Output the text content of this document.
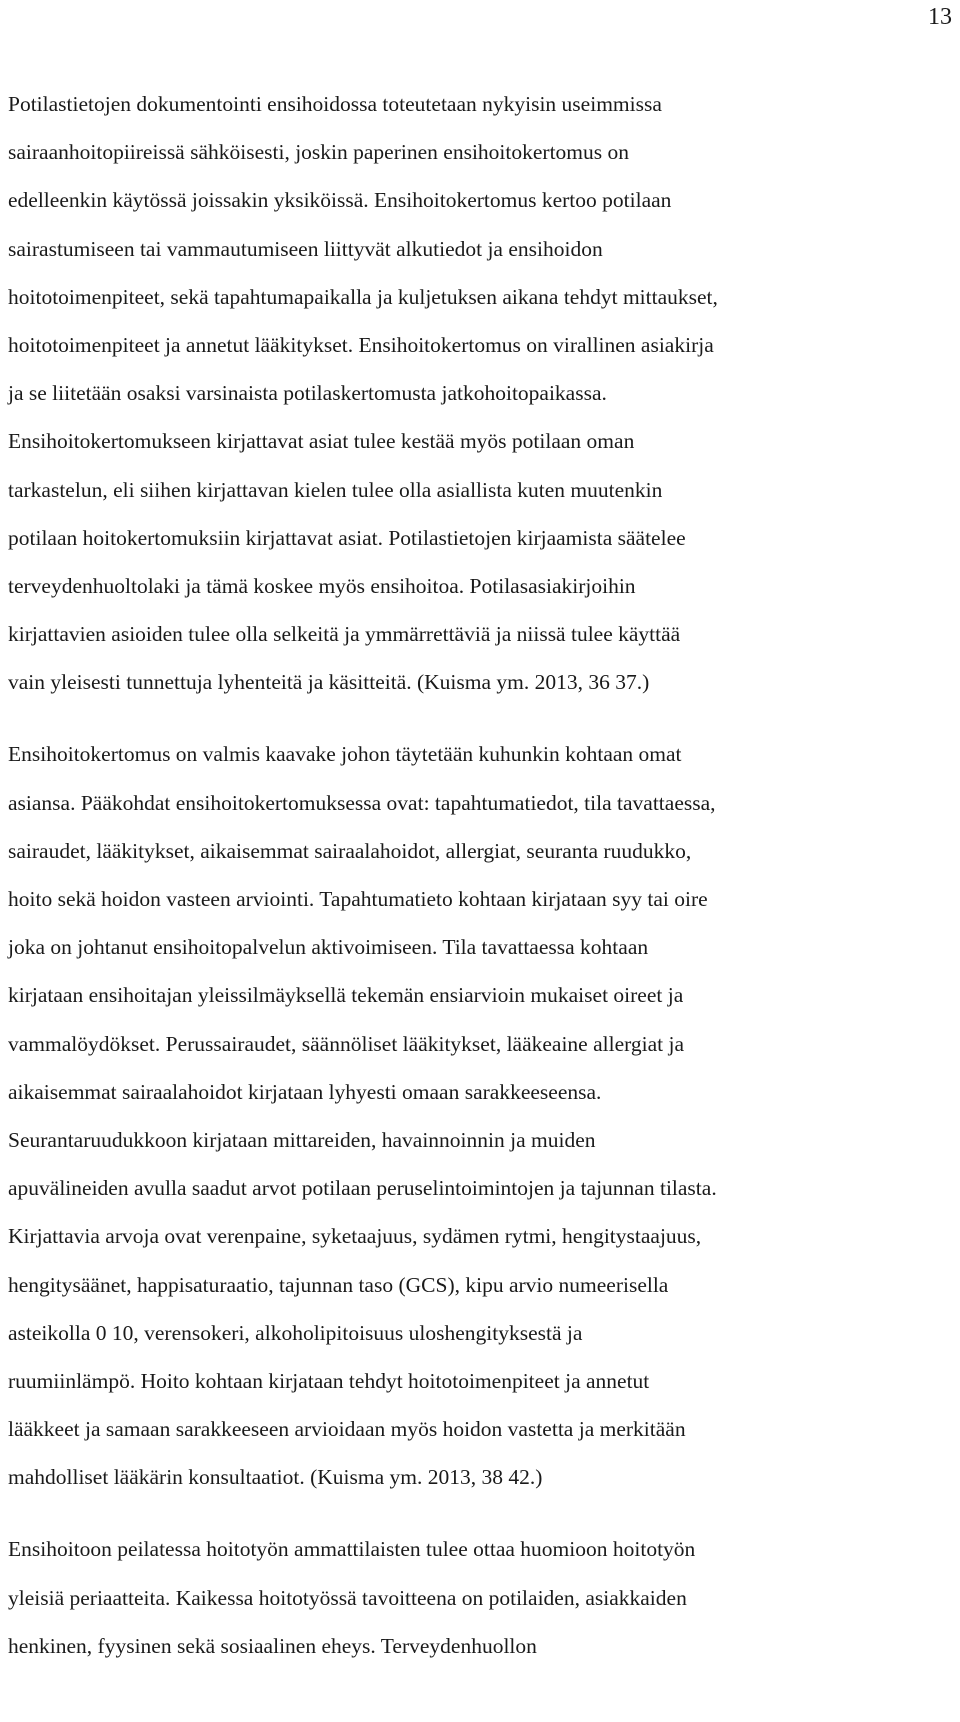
13
Potilastietojen dokumentointi ensihoidossa toteutetaan nykyisin useimmissa
sairaanhoitopiireissä sähköisesti, joskin paperinen ensihoitokertomus on
edelleenkin käytössä joissakin yksiköissä. Ensihoitokertomus kertoo potilaan
sairastumiseen tai vammautumiseen liittyvät alkutiedot ja ensihoidon
hoitotoimenpiteet, sekä tapahtumapaikalla ja kuljetuksen aikana tehdyt mittaukset,
hoitotoimenpiteet ja annetut lääkitykset. Ensihoitokertomus on virallinen asiakirja
ja se liitetään osaksi varsinaista potilaskertomusta jatkohoitopaikassa.
Ensihoitokertomukseen kirjattavat asiat tulee kestää myös potilaan oman
tarkastelun, eli siihen kirjattavan kielen tulee olla asiallista kuten muutenkin
potilaan hoitokertomuksiin kirjattavat asiat. Potilastietojen kirjaamista säätelee
terveydenhuoltolaki ja tämä koskee myös ensihoitoa. Potilasasiakirjoihin
kirjattavien asioiden tulee olla selkeitä ja ymmärrettäviä ja niissä tulee käyttää
vain yleisesti tunnettuja lyhenteitä ja käsitteitä. (Kuisma ym. 2013, 36 37.)
Ensihoitokertomus on valmis kaavake johon täytetään kuhunkin kohtaan omat
asiansa. Pääkohdat ensihoitokertomuksessa ovat: tapahtumatiedot, tila tavattaessa,
sairaudet, lääkitykset, aikaisemmat sairaalahoidot, allergiat, seuranta ruudukko,
hoito sekä hoidon vasteen arviointi. Tapahtumatieto kohtaan kirjataan syy tai oire
joka on johtanut ensihoitopalvelun aktivoimiseen. Tila tavattaessa kohtaan
kirjataan ensihoitajan yleissilmäyksellä tekemän ensiarvioin mukaiset oireet ja
vammalöydökset. Perussairaudet, säännöliset lääkitykset, lääkeaine allergiat ja
aikaisemmat sairaalahoidot kirjataan lyhyesti omaan sarakkeeseensa.
Seurantaruudukkoon kirjataan mittareiden, havainnoinnin ja muiden
apuvälineiden avulla saadut arvot potilaan peruselintoimintojen ja tajunnan tilasta.
Kirjattavia arvoja ovat verenpaine, syketaajuus, sydämen rytmi, hengitystaajuus,
hengitysäänet, happisaturaatio, tajunnan taso (GCS), kipu arvio numeerisella
asteikolla 0 10, verensokeri, alkoholipitoisuus uloshengityksestä ja
ruumiinlämpö. Hoito kohtaan kirjataan tehdyt hoitotoimenpiteet ja annetut
lääkkeet ja samaan sarakkeeseen arvioidaan myös hoidon vastetta ja merkitään
mahdolliset lääkärin konsultaatiot. (Kuisma ym. 2013, 38 42.)
Ensihoitoon peilatessa hoitotyön ammattilaisten tulee ottaa huomioon hoitotyön
yleisiä periaatteita. Kaikessa hoitotyössä tavoitteena on potilaiden, asiakkaiden
henkinen, fyysinen sekä sosiaalinen eheys. Terveydenhuollon
